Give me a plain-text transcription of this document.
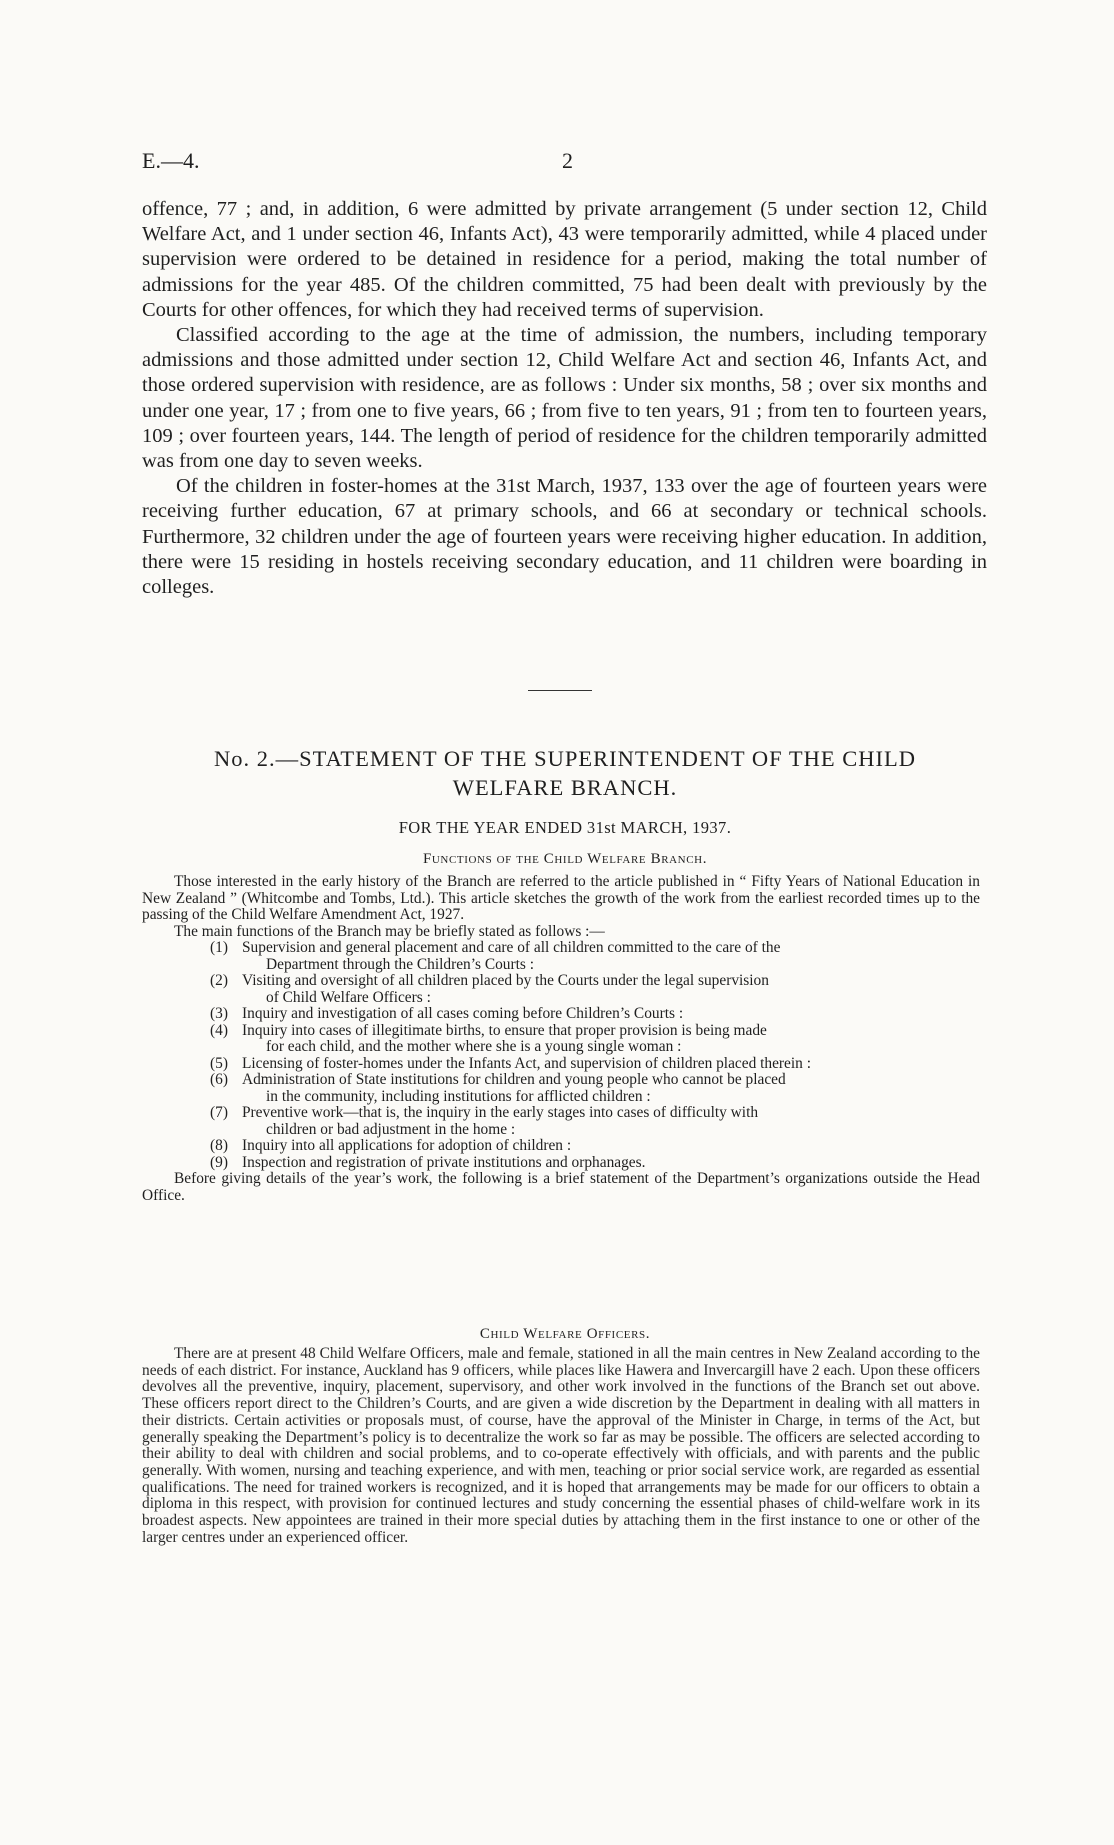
E.—4.	2

offence, 77 ; and, in addition, 6 were admitted by private arrangement (5 under section 12, Child Welfare Act, and 1 under section 46, Infants Act), 43 were temporarily admitted, while 4 placed under supervision were ordered to be detained in residence for a period, making the total number of admissions for the year 485. Of the children committed, 75 had been dealt with previously by the Courts for other offences, for which they had received terms of supervision.

Classified according to the age at the time of admission, the numbers, including temporary admissions and those admitted under section 12, Child Welfare Act and section 46, Infants Act, and those ordered supervision with residence, are as follows : Under six months, 58 ; over six months and under one year, 17 ; from one to five years, 66 ; from five to ten years, 91 ; from ten to fourteen years, 109 ; over fourteen years, 144. The length of period of residence for the children temporarily admitted was from one day to seven weeks.

Of the children in foster-homes at the 31st March, 1937, 133 over the age of fourteen years were receiving further education, 67 at primary schools, and 66 at secondary or technical schools. Furthermore, 32 children under the age of fourteen years were receiving higher education. In addition, there were 15 residing in hostels receiving secondary education, and 11 children were boarding in colleges.

No. 2.—STATEMENT OF THE SUPERINTENDENT OF THE CHILD
WELFARE BRANCH.
FOR THE YEAR ENDED 31st MARCH, 1937.
Functions of the Child Welfare Branch.

Those interested in the early history of the Branch are referred to the article published in “ Fifty Years of National Education in New Zealand ” (Whitcombe and Tombs, Ltd.). This article sketches the growth of the work from the earliest recorded times up to the passing of the Child Welfare Amendment Act, 1927.

The main functions of the Branch may be briefly stated as follows :—

(1) Supervision and general placement and care of all children committed to the care of the
Department through the Children’s Courts :
(2) Visiting and oversight of all children placed by the Courts under the legal supervision
of Child Welfare Officers :
(3) Inquiry and investigation of all cases coming before Children’s Courts :
(4) Inquiry into cases of illegitimate births, to ensure that proper provision is being made
for each child, and the mother where she is a young single woman :
(5) Licensing of foster-homes under the Infants Act, and supervision of children placed therein :
(6) Administration of State institutions for children and young people who cannot be placed
in the community, including institutions for afflicted children :
(7) Preventive work—that is, the inquiry in the early stages into cases of difficulty with
children or bad adjustment in the home :
(8) Inquiry into all applications for adoption of children :
(9) Inspection and registration of private institutions and orphanages.

Before giving details of the year’s work, the following is a brief statement of the Department’s organizations outside the Head Office.

Child Welfare Officers.

There are at present 48 Child Welfare Officers, male and female, stationed in all the main centres in New Zealand according to the needs of each district. For instance, Auckland has 9 officers, while places like Hawera and Invercargill have 2 each. Upon these officers devolves all the preventive, inquiry, placement, supervisory, and other work involved in the functions of the Branch set out above. These officers report direct to the Children’s Courts, and are given a wide discretion by the Department in dealing with all matters in their districts. Certain activities or proposals must, of course, have the approval of the Minister in Charge, in terms of the Act, but generally speaking the Department’s policy is to decentralize the work so far as may be possible. The officers are selected according to their ability to deal with children and social problems, and to co-operate effectively with officials, and with parents and the public generally. With women, nursing and teaching experience, and with men, teaching or prior social service work, are regarded as essential qualifications. The need for trained workers is recognized, and it is hoped that arrangements may be made for our officers to obtain a diploma in this respect, with provision for continued lectures and study concerning the essential phases of child-welfare work in its broadest aspects. New appointees are trained in their more special duties by attaching them in the first instance to one or other of the larger centres under an experienced officer.
